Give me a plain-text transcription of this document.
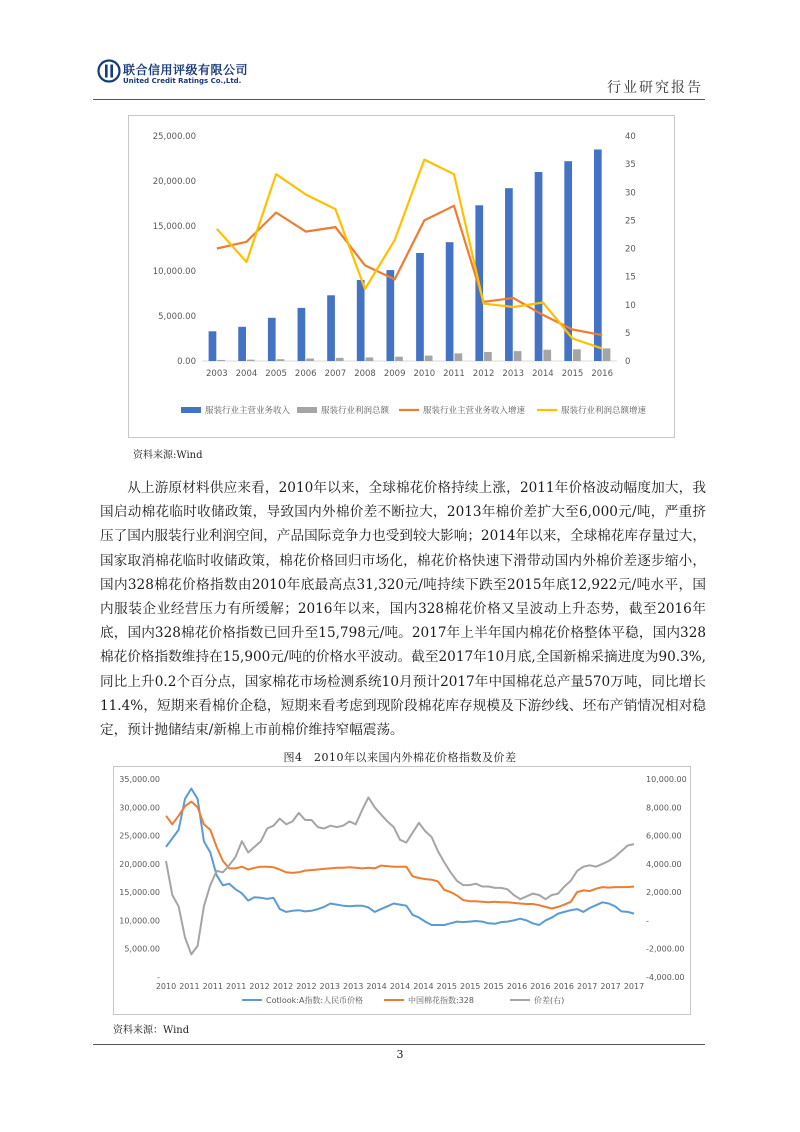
联合信用评级有限公司
United Credit Ratings Co.,Ltd.	行业研究报告
0.00
5,000.00
10,000.00
15,000.00
20,000.00
25,000.00
0
5
10
15
20
25
30
35
40
2003 2004 2005 2006 2007 2008 2009 2010 2011 2012 2013 2014 2015 2016
服装行业主营业务收入	服装行业利润总额	服装行业主营业务收入增速	服装行业利润总额增速
资料来源:Wind

从上游原材料供应来看，2010年以来，全球棉花价格持续上涨，2011年价格波动幅度加大，我国启动棉花临时收储政策，导致国内外棉价差不断拉大，2013年棉价差扩大至6,000元/吨，严重挤压了国内服装行业利润空间，产品国际竞争力也受到较大影响；2014年以来，全球棉花库存量过大，国家取消棉花临时收储政策，棉花价格回归市场化，棉花价格快速下滑带动国内外棉价差逐步缩小，国内328棉花价格指数由2010年底最高点31,320元/吨持续下跌至2015年底12,922元/吨水平，国内服装企业经营压力有所缓解；2016年以来，国内328棉花价格又呈波动上升态势，截至2016年底，国内328棉花价格指数已回升至15,798元/吨。2017年上半年国内棉花价格整体平稳，国内328棉花价格指数维持在15,900元/吨的价格水平波动。截至2017年10月底,全国新棉采摘进度为90.3%,同比上升0.2个百分点，国家棉花市场检测系统10月预计2017年中国棉花总产量570万吨，同比增长11.4%，短期来看棉价企稳，短期来看考虑到现阶段棉花库存规模及下游纱线、坯布产销情况相对稳定，预计抛储结束/新棉上市前棉价维持窄幅震荡。

图4　2010年以来国内外棉花价格指数及价差
-
5,000.00
10,000.00
15,000.00
20,000.00
25,000.00
30,000.00
35,000.00
-4,000.00
-2,000.00
-
2,000.00
4,000.00
6,000.00
8,000.00
10,000.00
2010 2011 2011 2011 2012 2012 2012 2013 2013 2014 2014 2014 2015 2015 2015 2016 2016 2016 2017 2017 2017
Cotlook:A指数:人民币价格	中国棉花指数:328	价差(右)
资料来源：Wind
3
